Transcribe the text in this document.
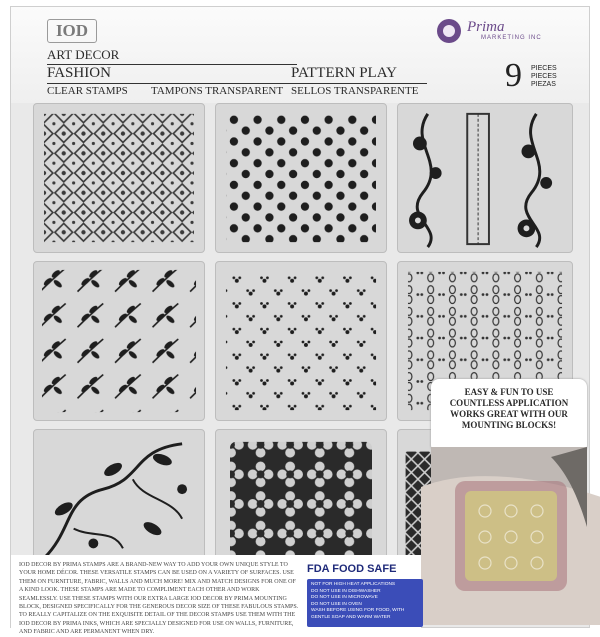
IOD	Prima
MARKETING INC
ART DECOR
FASHION	PATTERN PLAY
CLEAR STAMPS TAMPONS TRANSPARENT SELLOS TRANSPARENTE	9 PIECES
PIECES
PIEZAS
EASY & FUN TO USE
COUNTLESS APPLICATION
WORKS GREAT WITH OUR
MOUNTING BLOCKS!

IOD DECOR BY PRIMA STAMPS ARE A BRAND-NEW WAY TO ADD YOUR OWN UNIQUE STYLE TO YOUR HOME DÉCOR. THESE VERSATILE STAMPS CAN BE USED ON A VARIETY OF SURFACES. USE THEM ON FURNITURE, FABRIC, WALLS AND MUCH MORE! MIX AND MATCH DESIGNS FOR ONE OF A KIND LOOK. THESE STAMPS ARE MADE TO COMPLIMENT EACH OTHER AND WORK SEAMLESSLY. USE THESE STAMPS WITH OUR EXTRA LARGE IOD DECOR BY PRIMA MOUNTING BLOCK, DESIGNED SPECIFICALLY FOR THE GENEROUS DECOR SIZE OF THESE FABULOUS STAMPS. TO REALLY CAPITALIZE ON THE EXQUISITE DETAIL OF THE DECOR STAMPS USE THEM WITH THE IOD DECOR BY PRIMA INKS, WHICH ARE SPECIALLY DESIGNED FOR USE ON WALLS, FURNITURE, AND FABRIC AND ARE PERMANENT WHEN DRY.

FDA FOOD SAFE
NOT FOR HIGH HEAT APPLICATIONS
DO NOT USE IN DISHWASHER
DO NOT USE IN MICROWAVE
DO NOT USE IN OVEN
WASH BEFORE USING FOR FOOD, WITH
GENTLE SOAP AND WARM WATER
